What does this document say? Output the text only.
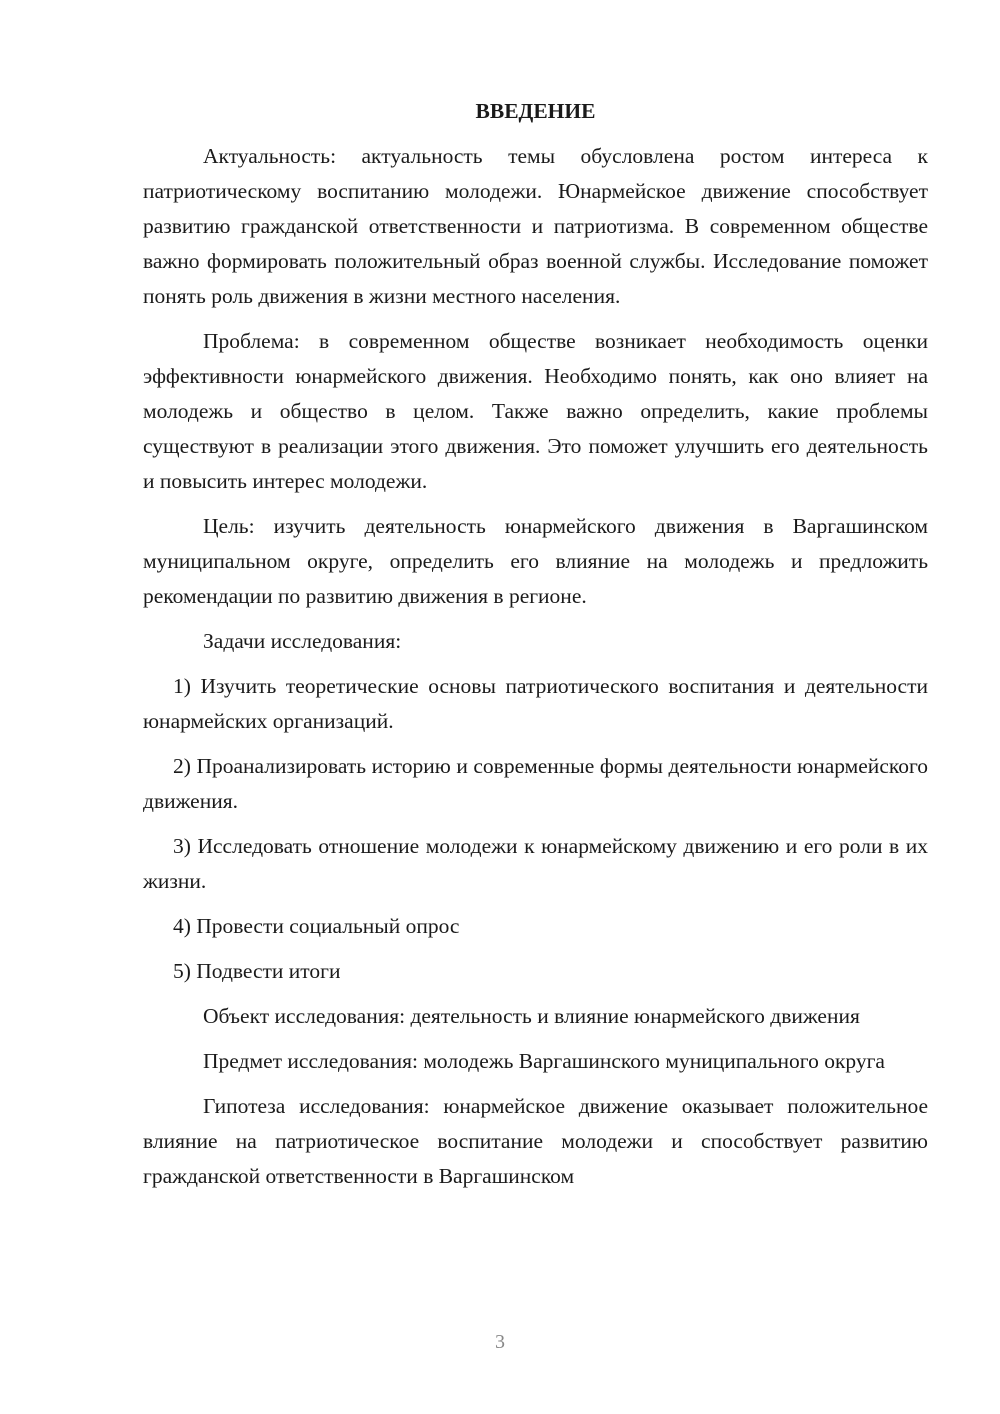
ВВЕДЕНИЕ

Актуальность: актуальность темы обусловлена ростом интереса к патриотическому воспитанию молодежи. Юнармейское движение способствует развитию гражданской ответственности и патриотизма. В современном обществе важно формировать положительный образ военной службы. Исследование поможет понять роль движения в жизни местного населения.

Проблема: в современном обществе возникает необходимость оценки эффективности юнармейского движения. Необходимо понять, как оно влияет на молодежь и общество в целом. Также важно определить, какие проблемы существуют в реализации этого движения. Это поможет улучшить его деятельность и повысить интерес молодежи.

Цель: изучить деятельность юнармейского движения в Варгашинском муниципальном округе, определить его влияние на молодежь и предложить рекомендации по развитию движения в регионе.

Задачи исследования:

1) Изучить теоретические основы патриотического воспитания и деятельности юнармейских организаций.

2) Проанализировать историю и современные формы деятельности юнармейского движения.

3) Исследовать отношение молодежи к юнармейскому движению и его роли в их жизни.

4) Провести социальный опрос

5) Подвести итоги

Объект исследования: деятельность и влияние юнармейского движения

Предмет исследования: молодежь Варгашинского муниципального округа

Гипотеза исследования: юнармейское движение оказывает положительное влияние на патриотическое воспитание молодежи и способствует развитию гражданской ответственности в Варгашинском

3
